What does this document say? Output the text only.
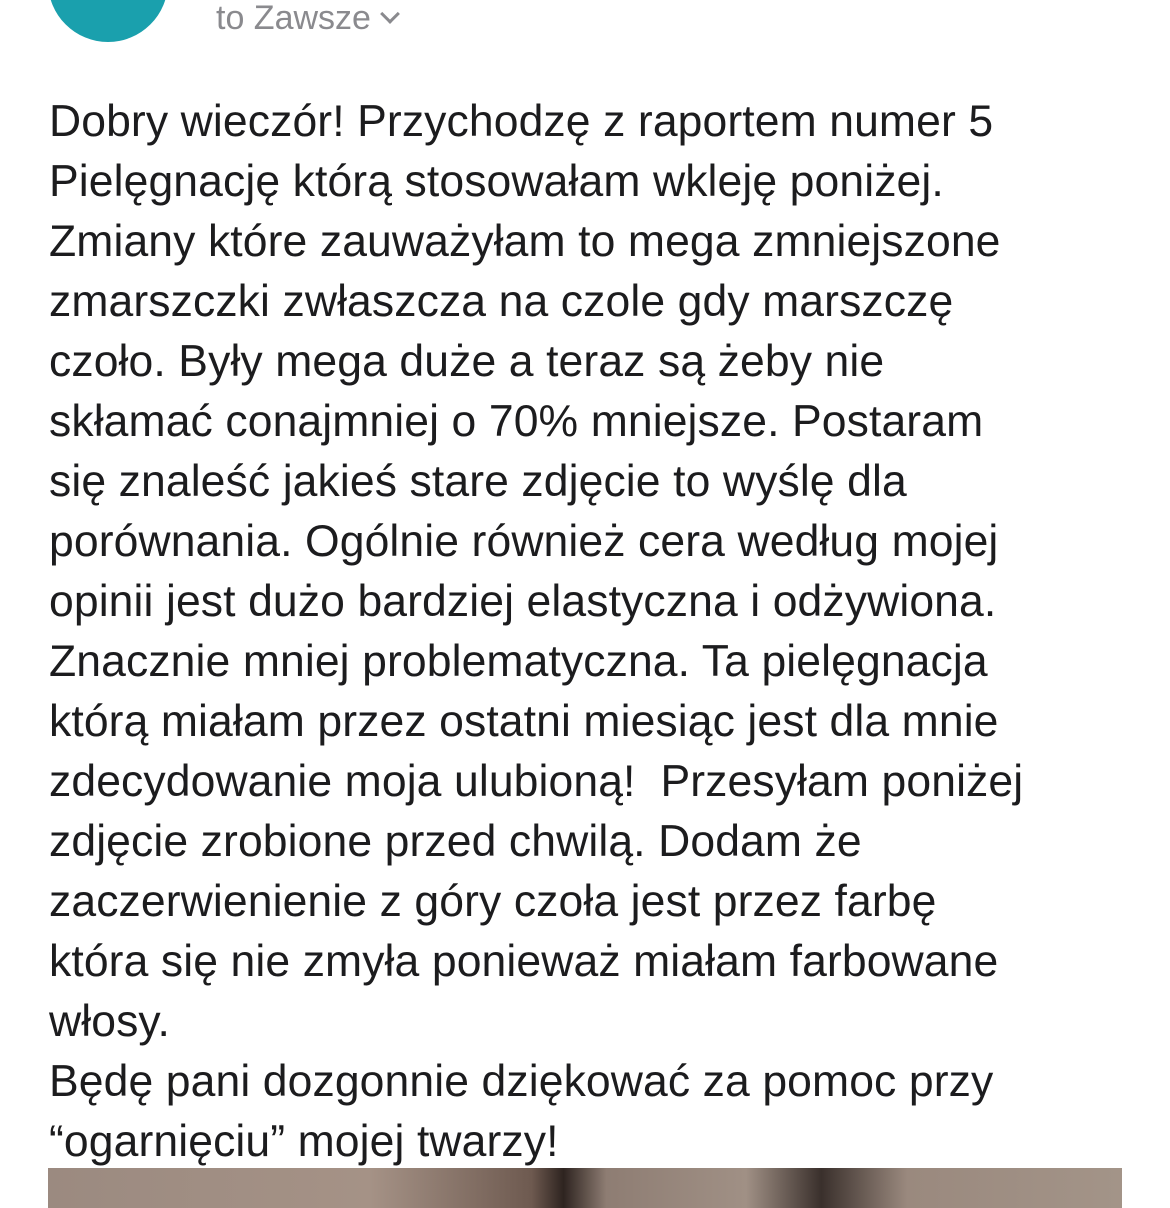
to Zawsze
Dobry wieczór! Przychodzę z raportem numer 5
Pielęgnację którą stosowałam wkleję poniżej.
Zmiany które zauważyłam to mega zmniejszone
zmarszczki zwłaszcza na czole gdy marszczę
czoło. Były mega duże a teraz są żeby nie
skłamać conajmniej o 70% mniejsze. Postaram
się znaleść jakieś stare zdjęcie to wyślę dla
porównania. Ogólnie również cera według mojej
opinii jest dużo bardziej elastyczna i odżywiona.
Znacznie mniej problematyczna. Ta pielęgnacja
którą miałam przez ostatni miesiąc jest dla mnie
zdecydowanie moja ulubioną!  Przesyłam poniżej
zdjęcie zrobione przed chwilą. Dodam że
zaczerwienienie z góry czoła jest przez farbę
która się nie zmyła ponieważ miałam farbowane
włosy.
Będę pani dozgonnie dziękować za pomoc przy
“ogarnięciu” mojej twarzy!
